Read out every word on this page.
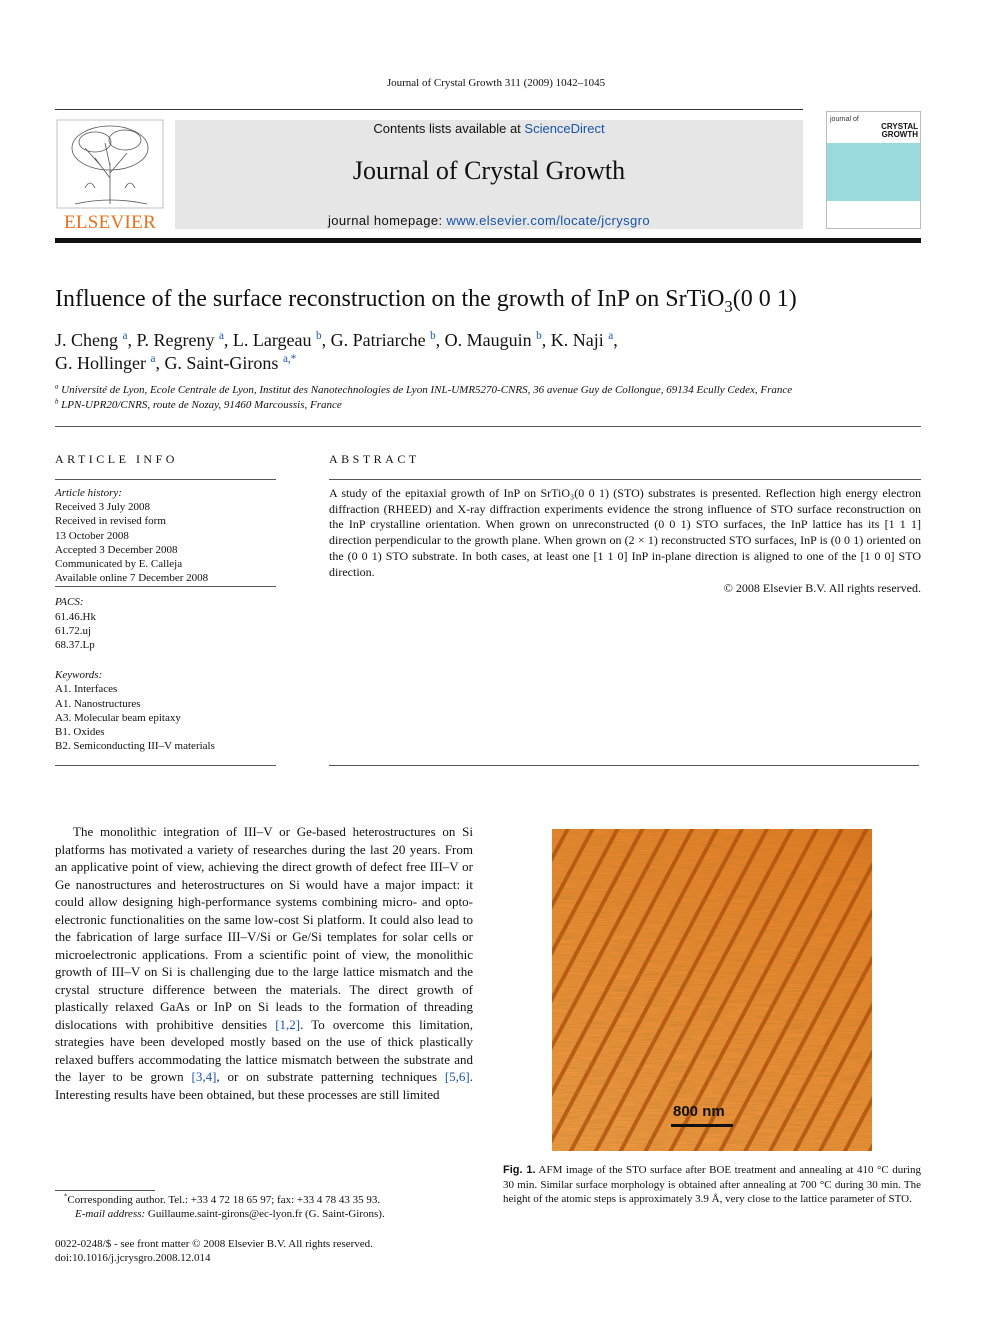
Journal of Crystal Growth 311 (2009) 1042–1045
ELSEVIER
Contents lists available at ScienceDirect
Journal of Crystal Growth
journal homepage: www.elsevier.com/locate/jcrysgro
journal of
CRYSTAL
GROWTH
Influence of the surface reconstruction on the growth of InP on SrTiO$_3$(0 0 1)
J. Cheng $^a$, P. Regreny $^a$, L. Largeau $^b$, G. Patriarche $^b$, O. Mauguin $^b$, K. Naji $^a$,
G. Hollinger $^a$, G. Saint-Girons $^{a,*}$
$^a$ Université de Lyon, Ecole Centrale de Lyon, Institut des Nanotechnologies de Lyon INL-UMR5270-CNRS, 36 avenue Guy de Collongue, 69134 Ecully Cedex, France
$^b$ LPN-UPR20/CNRS, route de Nozay, 91460 Marcoussis, France
ARTICLE INFO	ABSTRACT
Article history:
Received 3 July 2008
Received in revised form
13 October 2008
Accepted 3 December 2008
Communicated by E. Calleja
Available online 7 December 2008
PACS:
61.46.Hk
61.72.uj
68.37.Lp
Keywords:
A1. Interfaces
A1. Nanostructures
A3. Molecular beam epitaxy
B1. Oxides
B2. Semiconducting III–V materials
A study of the epitaxial growth of InP on SrTiO₃(0 0 1) (STO) substrates is presented. Reflection high energy electron diffraction (RHEED) and X-ray diffraction experiments evidence the strong influence of STO surface reconstruction on the InP crystalline orientation. When grown on unreconstructed (0 0 1) STO surfaces, the InP lattice has its [1 1 1] direction perpendicular to the growth plane. When grown on (2 × 1) reconstructed STO surfaces, InP is (0 0 1) oriented on the (0 0 1) STO substrate. In both cases, at least one [1 1 0] InP in-plane direction is aligned to one of the [1 0 0] STO direction.
© 2008 Elsevier B.V. All rights reserved.
The monolithic integration of III–V or Ge-based heterostructures on Si platforms has motivated a variety of researches during the last 20 years. From an applicative point of view, achieving the direct growth of defect free III–V or Ge nanostructures and heterostructures on Si would have a major impact: it could allow designing high-performance systems combining micro- and opto-electronic functionalities on the same low-cost Si platform. It could also lead to the fabrication of large surface III–V/Si or Ge/Si templates for solar cells or microelectronic applications. From a scientific point of view, the monolithic growth of III–V on Si is challenging due to the large lattice mismatch and the crystal structure difference between the materials. The direct growth of plastically relaxed GaAs or InP on Si leads to the formation of threading dislocations with prohibitive densities [1,2]. To overcome this limitation, strategies have been developed mostly based on the use of thick plastically relaxed buffers accommodating the lattice mismatch between the substrate and the layer to be grown [3,4], or on substrate patterning techniques [5,6]. Interesting results have been obtained, but these processes are still limited
*Corresponding author. Tel.: +33 4 72 18 65 97; fax: +33 4 78 43 35 93.
E-mail address: Guillaume.saint-girons@ec-lyon.fr (G. Saint-Girons).
0022-0248/$ - see front matter © 2008 Elsevier B.V. All rights reserved.
doi:10.1016/j.jcrysgro.2008.12.014
800 nm
Fig. 1. AFM image of the STO surface after BOE treatment and annealing at 410 °C during 30 min. Similar surface morphology is obtained after annealing at 700 °C during 30 min. The height of the atomic steps is approximately 3.9 Å, very close to the lattice parameter of STO.
